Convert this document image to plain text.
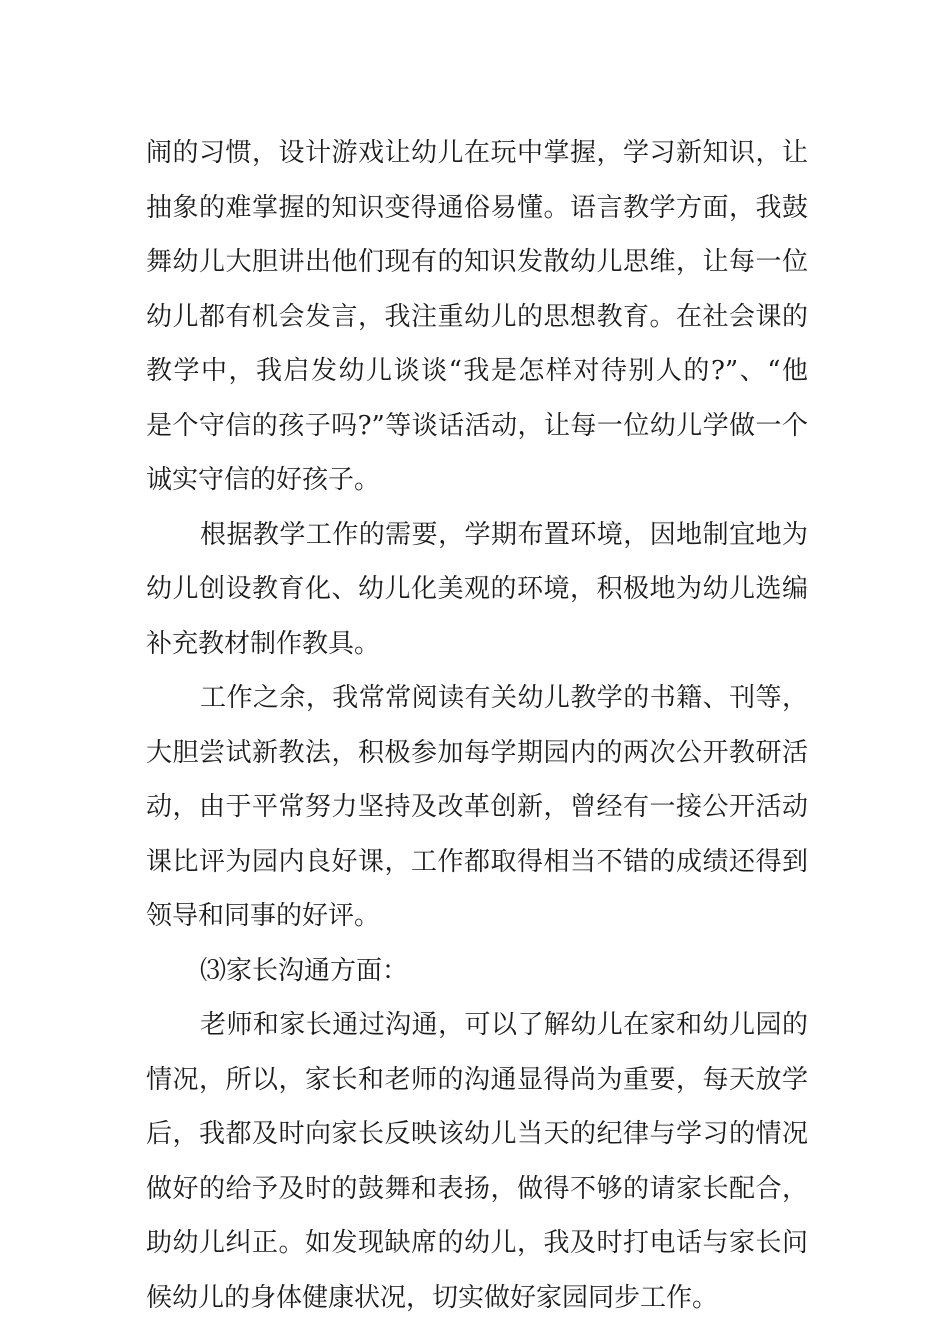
闹的习惯，设计游戏让幼儿在玩中掌握，学习新知识，让
抽象的难掌握的知识变得通俗易懂。语言教学方面，我鼓
舞幼儿大胆讲出他们现有的知识发散幼儿思维，让每一位
幼儿都有机会发言，我注重幼儿的思想教育。在社会课的
教学中，我启发幼儿谈谈“我是怎样对待别人的?”、“他
是个守信的孩子吗?”等谈话活动，让每一位幼儿学做一个
诚实守信的好孩子。
根据教学工作的需要，学期布置环境，因地制宜地为
幼儿创设教育化、幼儿化美观的环境，积极地为幼儿选编
补充教材制作教具。
工作之余，我常常阅读有关幼儿教学的书籍、刊等，
大胆尝试新教法，积极参加每学期园内的两次公开教研活
动，由于平常努力坚持及改革创新，曾经有一接公开活动
课比评为园内良好课，工作都取得相当不错的成绩还得到
领导和同事的好评。
⑶家长沟通方面：
老师和家长通过沟通，可以了解幼儿在家和幼儿园的
情况，所以，家长和老师的沟通显得尚为重要，每天放学
后，我都及时向家长反映该幼儿当天的纪律与学习的情况
做好的给予及时的鼓舞和表扬，做得不够的请家长配合，
助幼儿纠正。如发现缺席的幼儿，我及时打电话与家长问
候幼儿的身体健康状况，切实做好家园同步工作。
